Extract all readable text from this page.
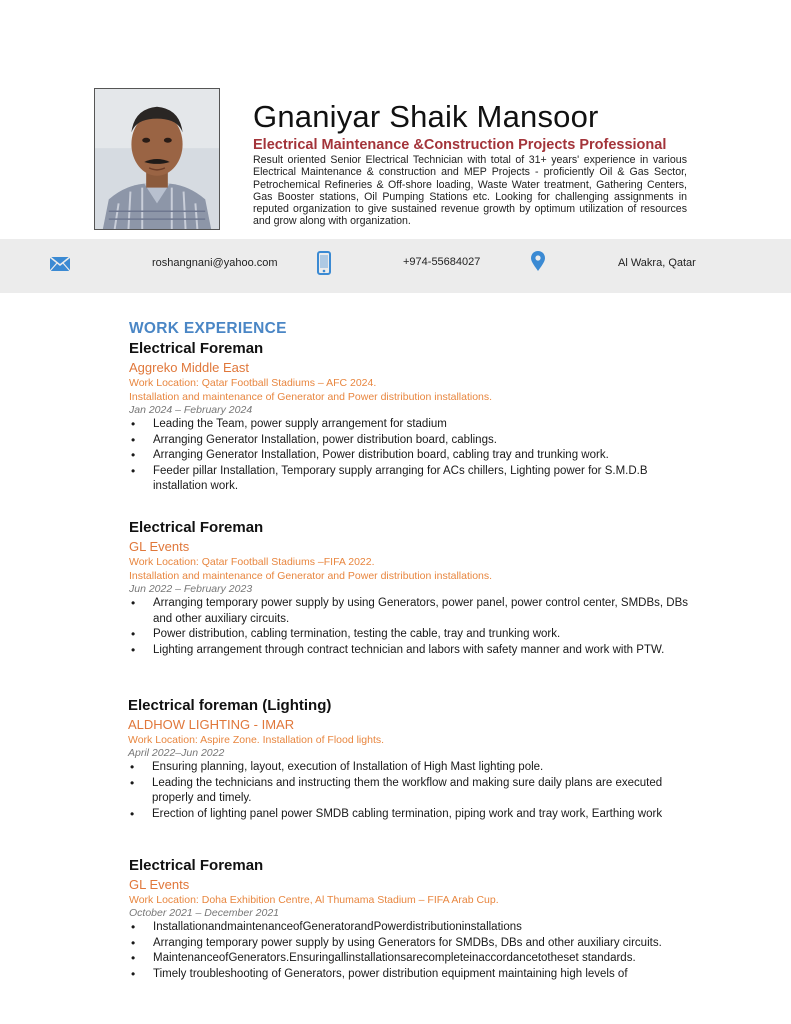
Gnaniyar Shaik Mansoor
Electrical Maintenance &Construction Projects Professional
Result oriented Senior Electrical Technician with total of 31+ years' experience in various Electrical Maintenance & construction and MEP Projects - proficiently Oil & Gas Sector, Petrochemical Refineries & Off-shore loading, Waste Water treatment, Gathering Centers, Gas Booster stations, Oil Pumping Stations etc. Looking for challenging assignments in reputed organization to give sustained revenue growth by optimum utilization of resources and grow along with organization.
roshangnani@yahoo.com	+974-55684027	Al Wakra, Qatar
WORK EXPERIENCE
Electrical Foreman
Aggreko Middle East
Work Location: Qatar Football Stadiums – AFC 2024.
Installation and maintenance of Generator and Power distribution installations.
Jan 2024 – February 2024
• Leading the Team, power supply arrangement for stadium
• Arranging Generator Installation, power distribution board, cablings.
• Arranging Generator Installation, Power distribution board, cabling tray and trunking work.
• Feeder pillar Installation, Temporary supply arranging for ACs chillers, Lighting power for S.M.D.B installation work.
Electrical Foreman
GL Events
Work Location: Qatar Football Stadiums –FIFA 2022.
Installation and maintenance of Generator and Power distribution installations.
Jun 2022 – February 2023
• Arranging temporary power supply by using Generators, power panel, power control center, SMDBs, DBs and other auxiliary circuits.
• Power distribution, cabling termination, testing the cable, tray and trunking work.
• Lighting arrangement through contract technician and labors with safety manner and work with PTW.
Electrical foreman (Lighting)
ALDHOW LIGHTING - IMAR
Work Location: Aspire Zone. Installation of Flood lights.
April 2022–Jun 2022
• Ensuring planning, layout, execution of Installation of High Mast lighting pole.
• Leading the technicians and instructing them the workflow and making sure daily plans are executed properly and timely.
• Erection of lighting panel power SMDB cabling termination, piping work and tray work, Earthing work
Electrical Foreman
GL Events
Work Location: Doha Exhibition Centre, Al Thumama Stadium – FIFA Arab Cup.
October 2021 – December 2021
• InstallationandmaintenanceofGeneratorandPowerdistributioninstallations
• Arranging temporary power supply by using Generators for SMDBs, DBs and other auxiliary circuits.
• MaintenanceofGenerators.Ensuringallinstallationsarecompleteinaccordancetotheset standards.
• Timely troubleshooting of Generators, power distribution equipment maintaining high levels of
